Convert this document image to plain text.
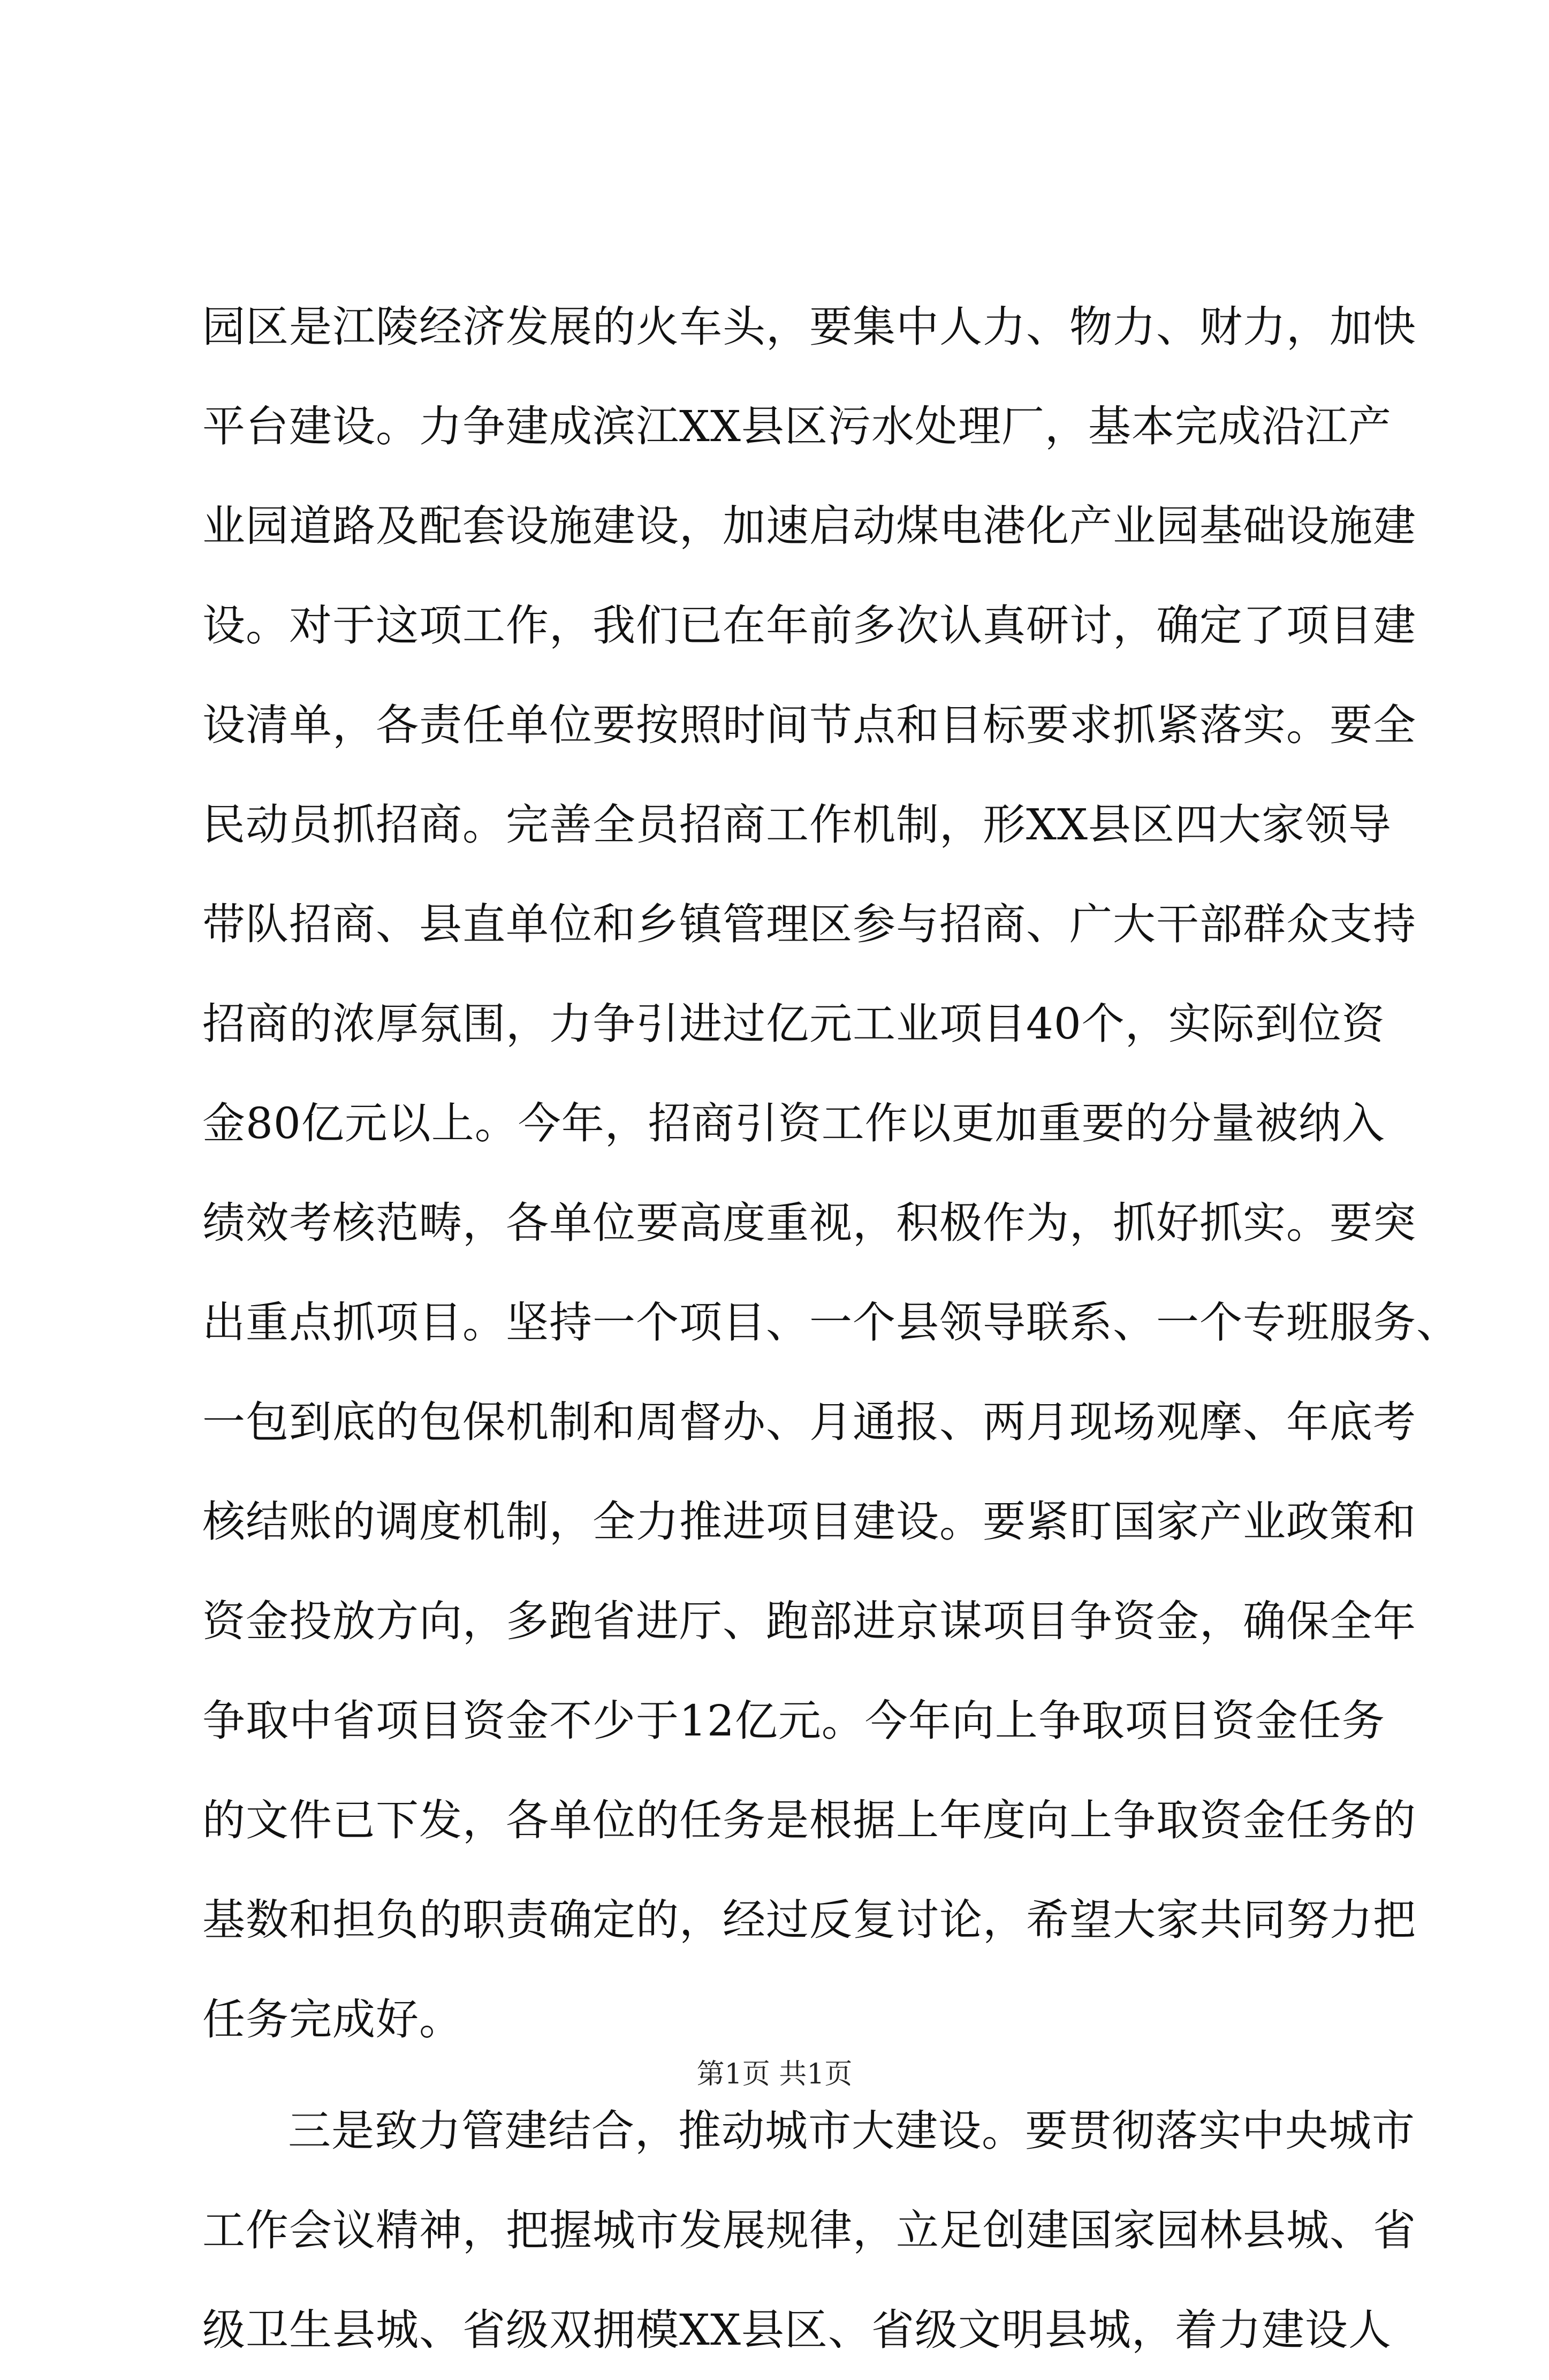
园区是江陵经济发展的火车头，要集中人力、物力、财力，加快
平台建设。力争建成滨江XX县区污水处理厂，基本完成沿江产
业园道路及配套设施建设，加速启动煤电港化产业园基础设施建
设。对于这项工作，我们已在年前多次认真研讨，确定了项目建
设清单，各责任单位要按照时间节点和目标要求抓紧落实。要全
民动员抓招商。完善全员招商工作机制，形XX县区四大家领导
带队招商、县直单位和乡镇管理区参与招商、广大干部群众支持
招商的浓厚氛围，力争引进过亿元工业项目40个，实际到位资
金80亿元以上。今年，招商引资工作以更加重要的分量被纳入
绩效考核范畴，各单位要高度重视，积极作为，抓好抓实。要突
出重点抓项目。坚持一个项目、一个县领导联系、一个专班服务、
一包到底的包保机制和周督办、月通报、两月现场观摩、年底考
核结账的调度机制，全力推进项目建设。要紧盯国家产业政策和
资金投放方向，多跑省进厅、跑部进京谋项目争资金，确保全年
争取中省项目资金不少于12亿元。今年向上争取项目资金任务
的文件已下发，各单位的任务是根据上年度向上争取资金任务的
基数和担负的职责确定的，经过反复讨论，希望大家共同努力把
任务完成好。
三是致力管建结合，推动城市大建设。要贯彻落实中央城市
工作会议精神，把握城市发展规律，立足创建国家园林县城、省
级卫生县城、省级双拥模XX县区、省级文明县城，着力建设人
第1页 共1页
